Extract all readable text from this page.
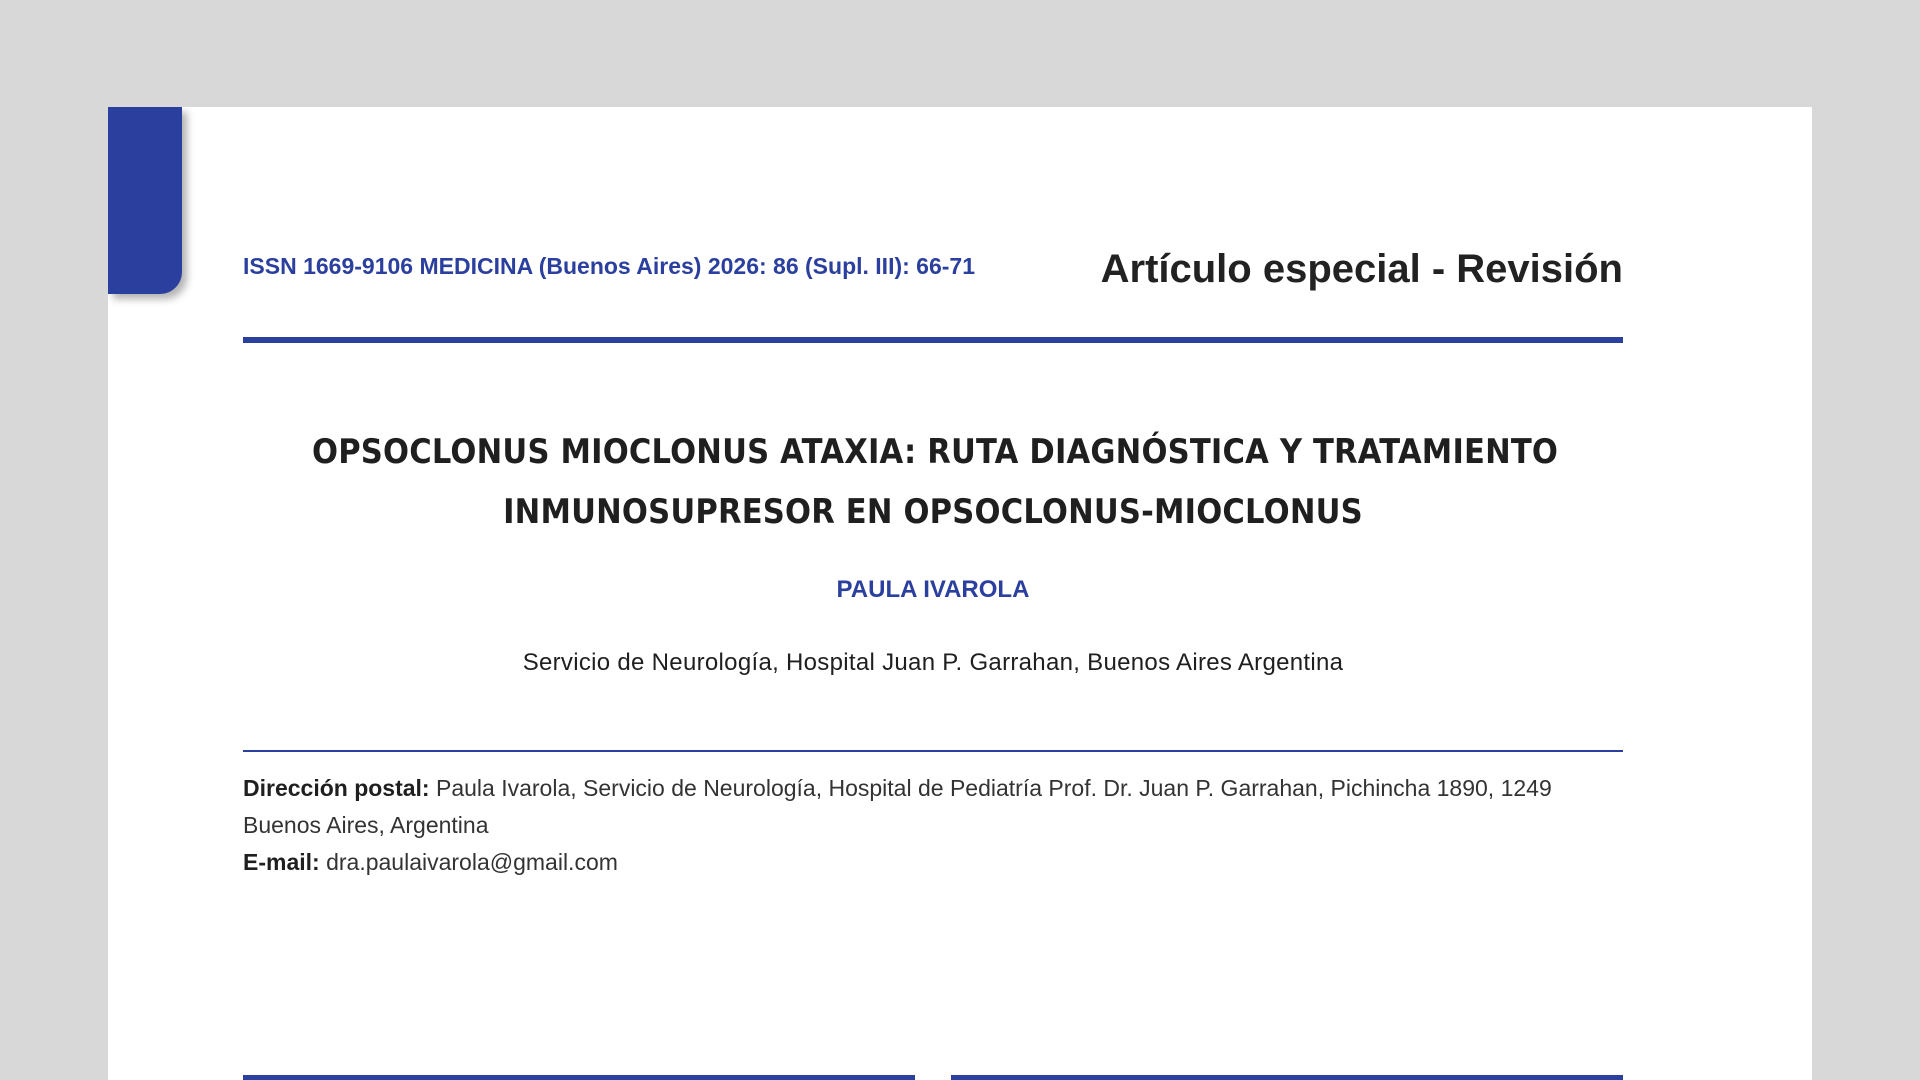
ISSN 1669-9106 MEDICINA (Buenos Aires) 2026: 86 (Supl. III): 66-71	Artículo especial - Revisión
OPSOCLONUS MIOCLONUS ATAXIA: RUTA DIAGNÓSTICA Y TRATAMIENTO
INMUNOSUPRESOR EN OPSOCLONUS-MIOCLONUS
PAULA IVAROLA
Servicio de Neurología, Hospital Juan P. Garrahan, Buenos Aires Argentina
Dirección postal: Paula Ivarola, Servicio de Neurología, Hospital de Pediatría Prof. Dr. Juan P. Garrahan, Pichincha 1890, 1249 Buenos Aires, Argentina
E-mail: dra.paulaivarola@gmail.com
